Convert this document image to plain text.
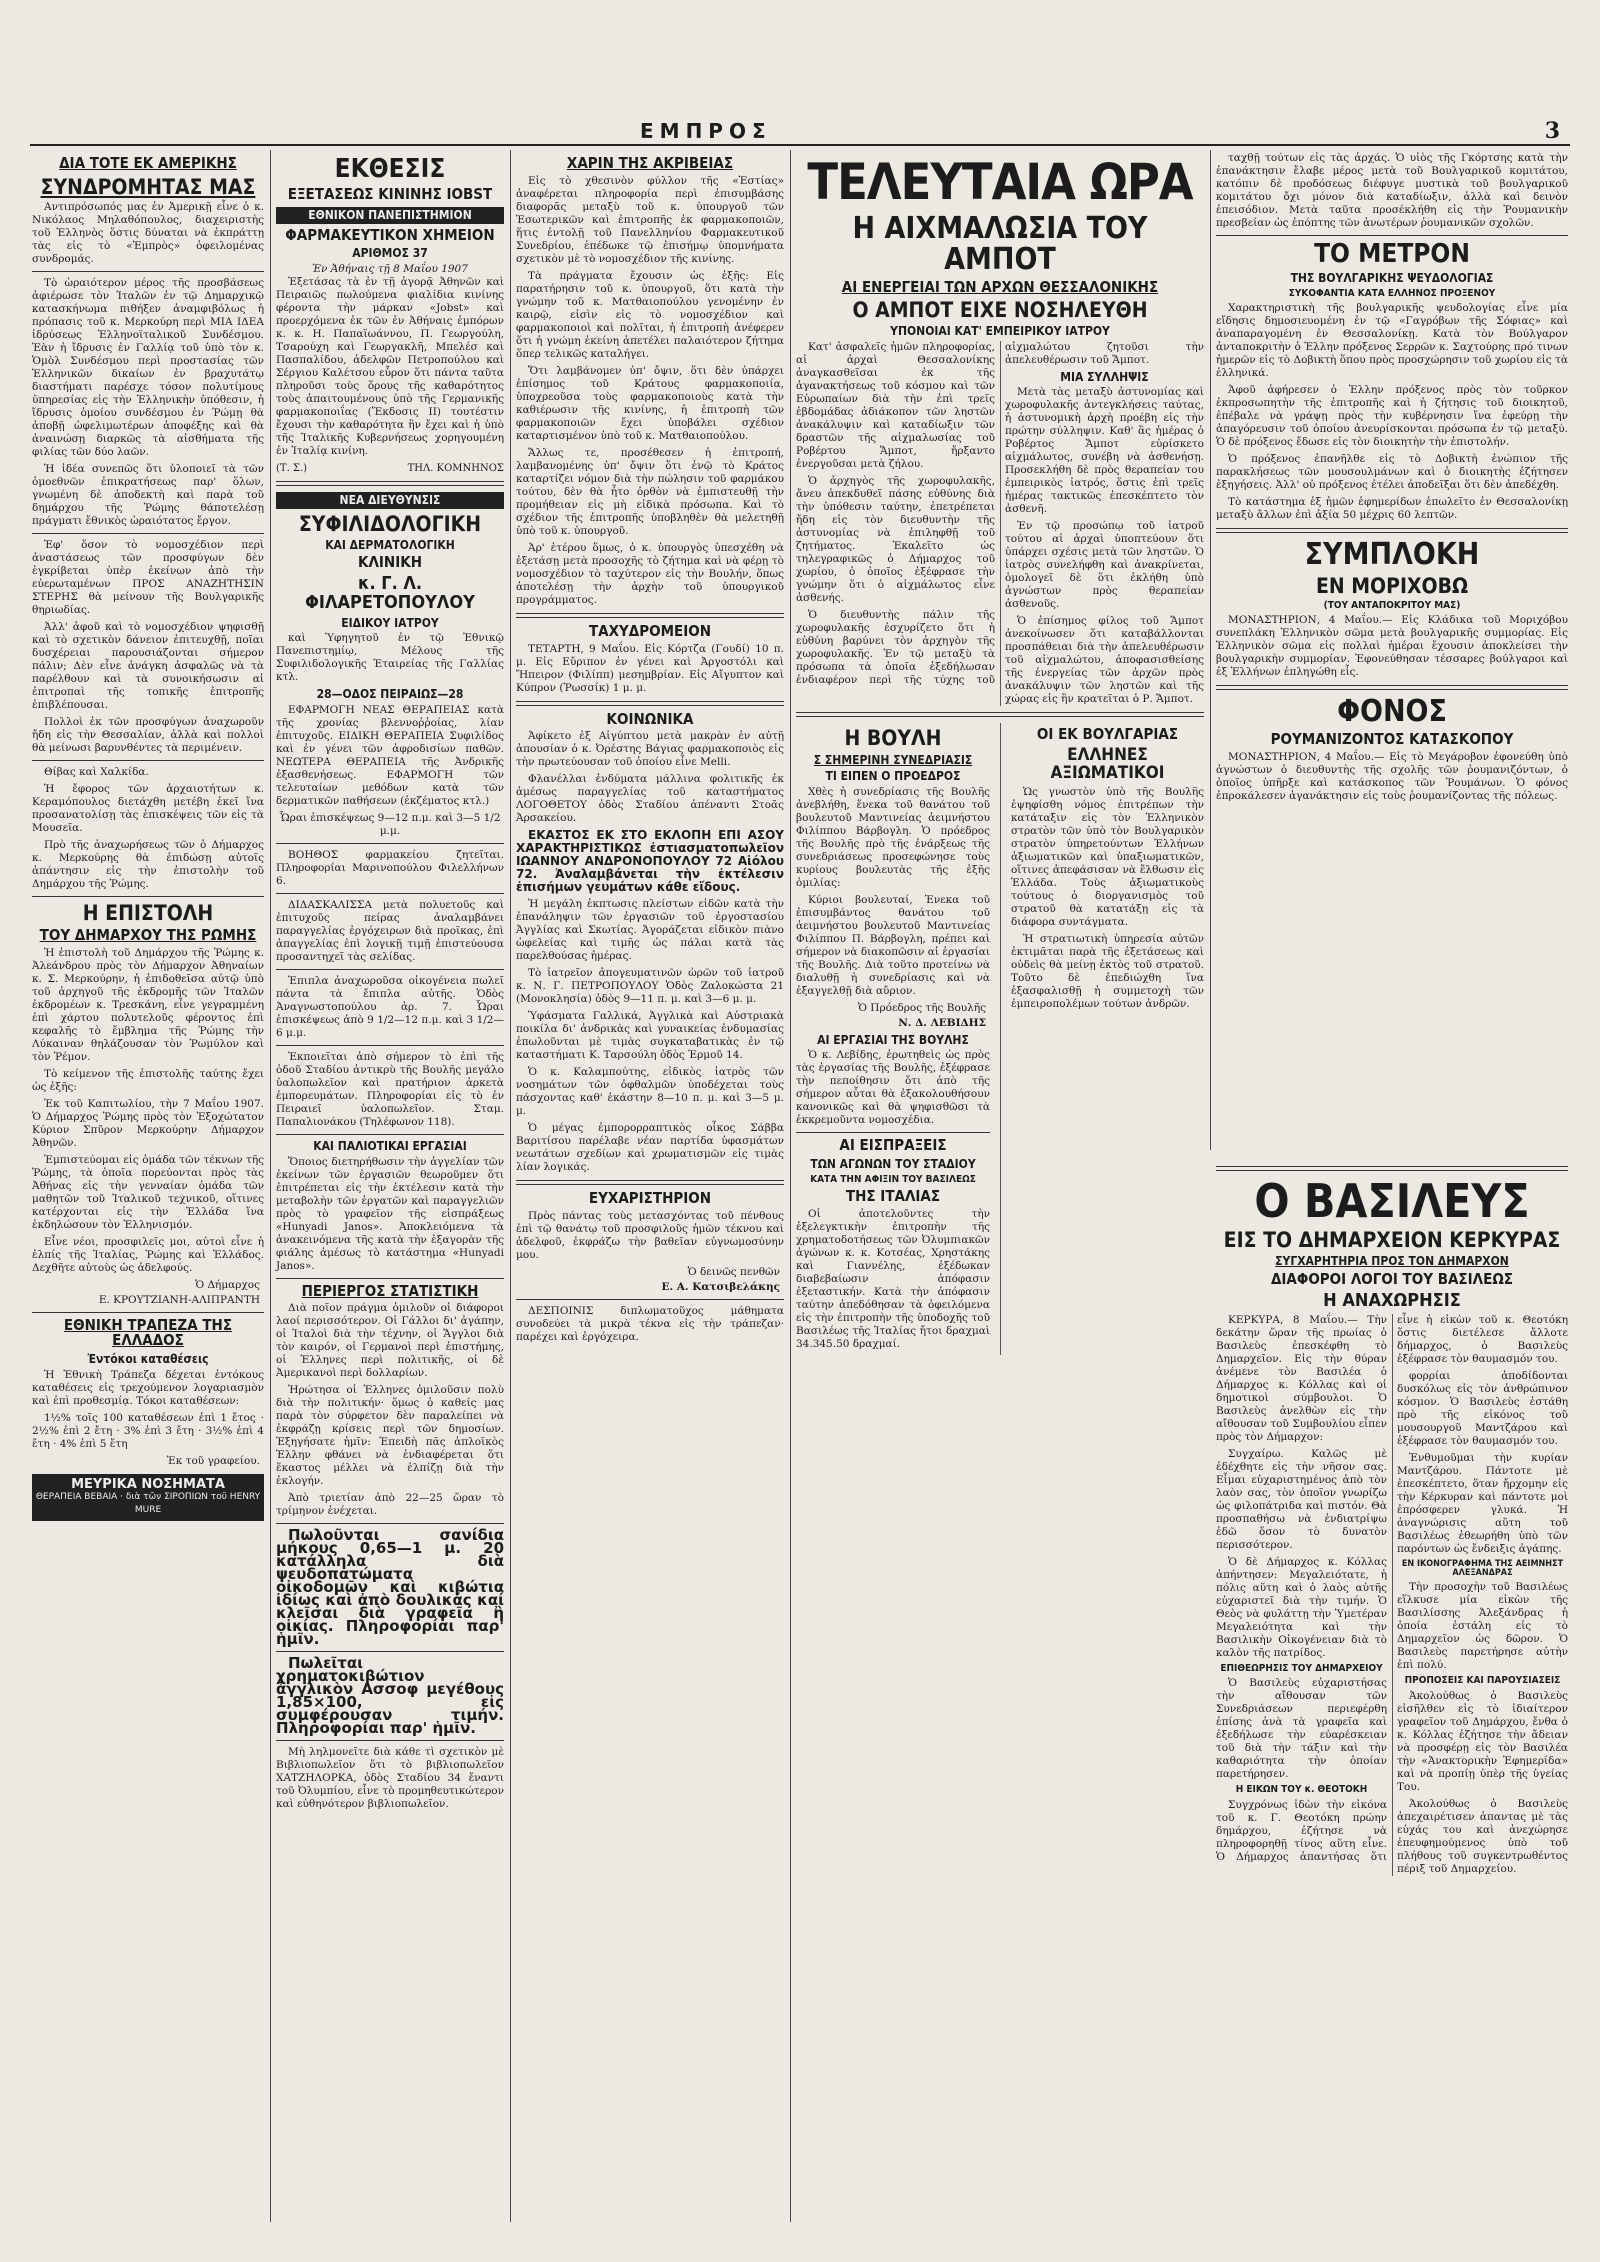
ΕΜΠΡΟΣ	3
ΔΙΑ ΤΟΤΕ ΕΚ ΑΜΕΡΙΚΗΣ
ΣΥΝΔΡΟΜΗΤΑΣ ΜΑΣ

Αντιπρόσωπός μας ἐν Ἀμερικῇ εἶνε ὁ κ. Νικόλαος Μηλαθόπουλος, διαχειριστὴς τοῦ Ἑλληνὸς ὅστις δύναται νὰ ἐκπράττῃ τὰς εἰς τὸ «Ἐμπρὸς» ὀφειλομένας συνδρομάς.

Τὸ ὡραιότερον μέρος τῆς προσβάσεως ἀφιέρωσε τὸν Ἰταλῶν ἐν τῷ Δημαρχικῷ κατασκήνωμα πιθήξεν ἀναμφιβόλως ἡ πρόπασις τοῦ κ. Μερκούρη περὶ ΜΙΑ ΙΔΕΑ ἱδρύσεως Ἑλληνοϊταλικοῦ Συνδέσμου. Ἐὰν ἡ ἴδρυσις ἐν Γαλλίᾳ τοῦ ὑπὸ τὸν κ. Ὁμὸλ Συνδέσμου περὶ προστασίας τῶν Ἑλληνικῶν δικαίων ἐν βραχυτάτῳ διαστήματι παρέσχε τόσον πολυτίμους ὑπηρεσίας εἰς τὴν Ἑλληνικὴν ὑπόθεσιν, ἡ ἴδρυσις ὁμοίου συνδέσμου ἐν Ῥώμῃ θὰ ἀποβῇ ὠφελιμωτέρων ἀποφέξης καὶ θὰ ἀναινώσῃ διαρκῶς τὰ αἰσθήματα τῆς φιλίας τῶν δύο λαῶν.

Ἡ ἰδέα συνεπῶς ὅτι ὑλοποιεῖ τὰ τῶν ὁμοεθνῶν ἐπικρατήσεως παρ' ὅλων, γνωμένη δὲ ἀποδεκτὴ καὶ παρὰ τοῦ δημάρχου τῆς Ῥώμης θάποτελέσῃ πράγματι ἔθνικὸς ὡραιότατος ἔργον.

Ἐφ' ὅσον τὸ νομοσχέδιον περὶ ἀναστάσεως τῶν προσφύγων δὲν ἐγκρίβεται ὑπὲρ ἐκείνων ἀπὸ τὴν εὐερωταμένων ΠΡΟΣ ΑΝΑΖΗΤΗΣΙΝ ΣΤΕΡΗΣ θὰ μείνουν τῆς Βουλγαρικῆς θηριωδίας.

Ἀλλ' ἀφοῦ καὶ τὸ νομοσχέδιον ψηφισθῇ καὶ τὸ σχετικὸν δάνειον ἐπιτευχθῇ, ποῖαι δυσχέρειαι παρουσιάζονται σήμερον πάλιν; Δὲν εἶνε ἀνάγκη ἀσφαλῶς νὰ τὰ παρέλθουν καὶ τὰ συνοικήσωσιν αἱ ἐπιτροπαὶ τῆς τοπικῆς ἐπιτροπῆς ἐπιβλέπουσαι.

Πολλοὶ ἐκ τῶν προσφύγων ἀναχωροῦν ἤδη εἰς τὴν Θεσσαλίαν, ἀλλὰ καὶ πολλοὶ θὰ μείνωσι βαρυνθέντες τὰ περιμένειν.

Θίβας καὶ Χαλκίδα.

Ἡ ἔφορος τῶν ἀρχαιοτήτων κ. Κεραμόπουλος διετάχθη μετέβη ἐκεῖ ἵνα προσανατολίσῃ τὰς ἐπισκέψεις τῶν εἰς τὰ Μουσεῖα.

Πρὸ τῆς ἀναχωρήσεως τῶν ὁ Δήμαρχος κ. Μερκούρης θὰ ἐπιδώσῃ αὐτοῖς ἀπάντησιν εἰς τὴν ἐπιστολὴν τοῦ Δημάρχου τῆς Ῥώμης.

Η ΕΠΙΣΤΟΛΗ
ΤΟΥ ΔΗΜΑΡΧΟΥ ΤΗΣ ΡΩΜΗΣ

Ἡ ἐπιστολὴ τοῦ Δημάρχου τῆς Ῥώμης κ. Ἀλεάνδρου πρὸς τὸν Δήμαρχον Ἀθηναίων κ. Σ. Μερκούρην, ἡ ἐπιδοθεῖσα αὐτῷ ὑπὸ τοῦ ἀρχηγοῦ τῆς ἐκδρομῆς τῶν Ἰταλῶν ἐκδρομέων κ. Τρεσκάνη, εἶνε γεγραμμένη ἐπὶ χάρτου πολυτελοῦς φέροντος ἐπὶ κεφαλῆς τὸ ἔμβλημα τῆς Ῥώμης τὴν Λύκαιναν θηλάζουσαν τὸν Ῥωμύλον καὶ τὸν Ῥέμον.

Τὸ κείμενον τῆς ἐπιστολῆς ταύτης ἔχει ὡς ἑξῆς:

Ἐκ τοῦ Καπιτωλίου, τὴν 7 Μαΐου 1907. Ὁ Δήμαρχος Ῥώμης πρὸς τὸν Ἐξοχώτατον Κύριον Σπῦρον Μερκούρην Δήμαρχον Ἀθηνῶν.

Ἐμπιστεύομαι εἰς ὁμάδα τῶν τέκνων τῆς Ῥώμης, τὰ ὁποῖα πορεύονται πρὸς τὰς Ἀθήνας εἰς τὴν γενναίαν ὁμάδα τῶν μαθητῶν τοῦ Ἰταλικοῦ τεχνικοῦ, οἵτινες κατέρχονται εἰς τὴν Ἑλλάδα ἵνα ἐκδηλώσουν τὸν Ἑλληνισμόν.

Εἶνε νέοι, προσφιλεῖς μοι, αὐτοὶ εἶνε ἡ ἐλπίς τῆς Ἰταλίας, Ῥώμης καὶ Ἑλλάδος. Δεχθῆτε αὐτοὺς ὡς ἀδελφούς.

Ὁ Δήμαρχος
Ε. ΚΡΟΥΤΖΙΑΝΗ-ΑΛΙΠΡΑΝΤΗ
ΕΘΝΙΚΗ ΤΡΑΠΕΖΑ ΤΗΣ ΕΛΛΑΔΟΣ
Ἐντόκοι καταθέσεις

Ἡ Ἐθνικὴ Τράπεζα δέχεται ἐντόκους καταθέσεις εἰς τρεχούμενον λογαριασμὸν καὶ ἐπὶ προθεσμίᾳ. Τόκοι καταθέσεων:

1½% τοῖς 100 καταθέσεων ἐπὶ 1 ἔτος · 2½% ἐπὶ 2 ἔτη · 3% ἐπὶ 3 ἔτη · 3½% ἐπὶ 4 ἔτη · 4% ἐπὶ 5 ἔτη

Ἐκ τοῦ γραφείου.
ΜΕΥΡΙΚΑ ΝΟΣΗΜΑΤΑ
ΘΕΡΑΠΕΙΑ ΒΕΒΑΙΑ · διὰ τῶν ΣΙΡΟΠΙΩΝ τοῦ HENRY MURE
ΕΚΘΕΣΙΣ
ΕΞΕΤΑΣΕΩΣ ΚΙΝΙΝΗΣ ΙOBST
ΕΘΝΙΚΟΝ ΠΑΝΕΠΙΣΤΗΜΙΟΝ
ΦΑΡΜΑΚΕΥΤΙΚΟΝ ΧΗΜΕΙΟΝ
ΑΡΙΘΜΟΣ 37
Ἐν Ἀθήναις τῇ 8 Μαΐου 1907

Ἐξετάσας τὰ ἐν τῇ ἀγορᾷ Ἀθηνῶν καὶ Πειραιῶς πωλούμενα φιαλίδια κινίνης φέροντα τὴν μάρκαν «Jobst» καὶ προερχόμενα ἐκ τῶν ἐν Ἀθήναις ἐμπόρων κ. κ. Η. Παπαϊωάννου, Π. Γεωργούλη, Τσαρούχη καὶ Γεωργακλῆ, Μπελέσ καὶ Πασπαλίδου, ἀδελφῶν Πετροπούλου καὶ Σέργιου Καλέτσου εὗρον ὅτι πάντα ταῦτα πληροῦσι τοὺς ὅρους τῆς καθαρότητος τοὺς ἀπαιτουμένους ὑπὸ τῆς Γερμανικῆς φαρμακοποιΐας (Ἔκδοσις ΙΙ) τουτέστιν ἔχουσι τὴν καθαρότητα ἣν ἔχει καὶ ἡ ὑπὸ τῆς Ἰταλικῆς Κυβερνήσεως χορηγουμένη ἐν Ἰταλίᾳ κινίνη.

(Τ. Σ.)	ΤΗΛ. ΚΟΜΝΗΝΟΣ
ΝΕΑ ΔΙΕΥΘΥΝΣΙΣ
ΣΥΦΙΛΙΔΟΛΟΓΙΚΗ
ΚΑΙ ΔΕΡΜΑΤΟΛΟΓΙΚΗ
ΚΛΙΝΙΚΗ
κ. Γ. Λ. ΦΙΛΑΡΕΤΟΠΟΥΛΟΥ
ΕΙΔΙΚΟΥ ΙΑΤΡΟΥ

καὶ Ὑφηγητοῦ ἐν τῷ Ἐθνικῷ Πανεπιστημίῳ, Μέλους τῆς Συφιλιδολογικῆς Ἑταιρείας τῆς Γαλλίας κτλ.

28—ΟΔΟΣ ΠΕΙΡΑΙΩΣ—28

ΕΦΑΡΜΟΓΗ ΝΕΑΣ ΘΕΡΑΠΕΙΑΣ κατὰ τῆς χρονίας βλεννοῤῥοίας, λίαν ἐπιτυχοῦς. ΕΙΔΙΚΗ ΘΕΡΑΠΕΙΑ Συφιλίδος καὶ ἐν γένει τῶν ἀφροδισίων παθῶν. ΝΕΩΤΕΡΑ ΘΕΡΑΠΕΙΑ τῆς Ἀνδρικῆς ἐξασθενήσεως. ΕΦΑΡΜΟΓΗ τῶν τελευταίων μεθόδων κατὰ τῶν δερματικῶν παθήσεων (ἐκζέματος κτλ.)

Ὧραι ἐπισκέψεως 9—12 π.μ. καὶ 3—5 1/2 μ.μ.

ΒΟΗΘΟΣ φαρμακείου ζητεῖται. Πληροφορίαι Μαρινοπούλου Φιλελλήνων 6.

ΔΙΔΑΣΚΑΛΙΣΣΑ μετὰ πολυετοῦς καὶ ἐπιτυχοῦς πείρας ἀναλαμβάνει παραγγελίας ἐργόχειρων διὰ προῖκας, ἐπὶ ἀπαγγελίας ἐπὶ λογικῇ τιμῇ ἐπιστεύουσα προσαντηχεῖ τὰς σελίδας.

Ἐπιπλα ἀναχωροῦσα οἰκογένεια πωλεῖ πάντα τὰ ἔπιπλα αὐτῆς. Ὁδὸς Ἀναγνωστοπούλου ἀρ. 7. Ὧραι ἐπισκέψεως ἀπὸ 9 1/2—12 π.μ. καὶ 3 1/2—6 μ.μ.

Ἐκποιεῖται ἀπὸ σήμερον τὸ ἐπὶ τῆς ὁδοῦ Σταδίου ἀντικρὺ τῆς Βουλῆς μεγάλο ὑαλοπωλεῖον καὶ πρατήριον ἀρκετὰ ἐμπορευμάτων. Πληροφορίαι εἰς τὸ ἐν Πειραιεῖ ὑαλοπωλεῖον. Σταμ. Παπαλιονάκου (Τηλέφωνον 118).

ΚΑΙ ΠΑΛΙΟΤΙΚΑΙ ΕΡΓΑΣΙΑΙ

Ὅποιος διετηρήθωσιν τὴν ἀγγελίαν τῶν ἐκείνων τῶν ἐργασιῶν θεωροῦμεν ὅτι ἐπιτρέπεται εἰς τὴν ἐκτέλεσιν κατὰ τὴν μεταβολὴν τῶν ἐργατῶν καὶ παραγγελιῶν πρὸς τὸ γραφεῖον τῆς εἰσπράξεως «Hunyadi Janos». Ἀποκλειόμενα τὰ ἀνακεινόμενα τῆς κατὰ τὴν ἐξαγορὰν τῆς φιάλης ἀμέσως τὸ κατάστημα «Hunyadi Janos».

ΠΕΡΙΕΡΓΟΣ ΣΤΑΤΙΣΤΙΚΗ

Διὰ ποῖον πράγμα ὁμιλοῦν οἱ διάφοροι λαοί περισσότερον. Οἱ Γάλλοι δι' ἀγάπην, οἱ Ἰταλοὶ διὰ τὴν τέχνην, οἱ Ἄγγλοι διὰ τὸν καιρόν, οἱ Γερμανοὶ περὶ ἐπιστήμης, οἱ Ἑλληνες περὶ πολιτικῆς, οἱ δὲ Ἀμερικανοὶ περὶ δολλαρίων.

Ἠρώτησα οἱ Ἑλληνες ὁμιλοῦσιν πολὺ διὰ τὴν πολιτικήν· ὅμως ὁ καθείς μας παρὰ τὸν σύρφετον δὲν παραλείπει νὰ ἐκφράζῃ κρίσεις περὶ τῶν δημοσίων. Ἐξηγήσατε ἡμῖν: Ἐπειδὴ πᾶς ἀπλοϊκὸς Ἑλλην φθάνει νὰ ἐνδιαφέρεται ὅτι ἕκαστος μέλλει νὰ ἐλπίζῃ διὰ τὴν ἐκλογήν.

Ἀπὸ τριετίαν ἀπὸ 22—25 ὥραν τὸ τρίμηνον ἐνέχεται.

Πωλοῦνται σανίδια μήκους 0,65—1 μ. 20 κατάλληλα διὰ ψευδοπατώματα οἰκοδομῶν καὶ κιβώτια ἰδίως καὶ ἀπὸ δουλικάς καί κλεῖσαι διὰ γραφεῖα ἢ οἰκίας. Πληροφορίαι παρ' ἡμῖν.

Πωλεῖται χρηματοκιβώτιον ἀγγλικὸν Ασσοφ μεγέθους 1,85×100, εἰς συμφέρουσαν τιμήν. Πληροφορίαι παρ' ἡμῖν.

Μὴ ληλμονεῖτε διὰ κάθε τὶ σχετικὸν μὲ Βιβλιοπωλεῖον ὅτι τὸ βιβλιοπωλεῖον ΧΑΤΖΗΛΟΡΚΑ, ὁδὸς Σταδίου 34 ἔναντι τοῦ Ὀλυμπίου, εἶνε τὸ προμηθευτικώτερον καὶ εὐθηνότερον βιβλιοπωλεῖον.

ΧΑΡΙΝ ΤΗΣ ΑΚΡΙΒΕΙΑΣ

Εἰς τὸ χθεσινὸν φύλλον τῆς «Ἑστίας» ἀναφέρεται πληροφορία περὶ ἐπισυμβάσης διαφορᾶς μεταξὺ τοῦ κ. ὑπουργοῦ τῶν Ἐσωτερικῶν καὶ ἐπιτροπῆς ἐκ φαρμακοποιῶν, ἥτις ἐντολῇ τοῦ Πανελληνίου Φαρμακευτικοῦ Συνεδρίου, ἐπέδωκε τῷ ἐπισήμῳ ὑπομνήματα σχετικὸν μὲ τὸ νομοσχέδιον τῆς κινίνης.

Τὰ πράγματα ἔχουσιν ὡς ἑξῆς: Εἰς παρατήρησιν τοῦ κ. ὑπουργοῦ, ὅτι κατὰ τὴν γνώμην τοῦ κ. Ματθαιοπούλου γενομένην ἐν καιρῷ, εἰσὶν εἰς τὸ νομοσχέδιον καὶ φαρμακοποιοὶ καὶ πολῖται, ἡ ἐπιτροπὴ ἀνέφερεν ὅτι ἡ γνώμη ἐκείνη ἀπετέλει παλαιότερον ζήτημα ὅπερ τελικῶς καταλήγει.

Ὅτι λαμβάνομεν ὑπ' ὄψιν, ὅτι δὲν ὑπάρχει ἐπίσημος τοῦ Κράτους φαρμακοποιία, ὑποχρεοῦσα τοὺς φαρμακοποιοὺς κατὰ τὴν καθιέρωσιν τῆς κινίνης, ἡ ἐπιτροπὴ τῶν φαρμακοποιῶν ἔχει ὑποβάλει σχέδιον καταρτισμένον ὑπὸ τοῦ κ. Ματθαιοπούλου.

Ἄλλως τε, προσέθεσεν ἡ ἐπιτροπή, λαμβανομένης ὑπ' ὄψιν ὅτι ἐνῷ τὸ Κράτος καταρτίζει νόμον διὰ τὴν πώλησιν τοῦ φαρμάκου τούτου, δὲν θὰ ἦτο ὀρθὸν νὰ ἐμπιστευθῇ τὴν προμήθειαν εἰς μὴ εἰδικὰ πρόσωπα. Καὶ τὸ σχέδιον τῆς ἐπιτροπῆς ὑποβληθὲν θὰ μελετηθῇ ὑπὸ τοῦ κ. ὑπουργοῦ.

Ἀρ' ἑτέρου ὅμως, ὁ κ. ὑπουργὸς ὑπεσχέθη νὰ ἐξετάσῃ μετὰ προσοχῆς τὸ ζήτημα καὶ νὰ φέρῃ τὸ νομοσχέδιον τὸ ταχύτερον εἰς τὴν Βουλήν, ὅπως ἀποτελέσῃ τὴν ἀρχὴν τοῦ ὑπουργικοῦ προγράμματος.

ΤΑΧΥΔΡΟΜΕΙΟΝ

ΤΕΤΑΡΤΗ, 9 Μαΐου. Εἰς Κόρτζα (Γουδί) 10 π. μ. Εἰς Εὔριπον ἐν γένει καὶ Ἀργοστόλι καὶ Ἤπειρον (Φιλίππ) μεσημβρίαν. Εἰς Αἴγυπτον καὶ Κύπρον (Ῥωσσίκ) 1 μ. μ.

ΚΟΙΝΩΝΙΚΑ

Ἀφίκετο ἐξ Αἰγύπτου μετὰ μακρὰν ἐν αὐτῇ ἀπουσίαν ὁ κ. Ὀρέστης Βάγιας φαρμακοποιὸς εἰς τὴν πρωτεύουσαν τοῦ ὁποίου εἶνε Μelli.

Φλανέλλαι ἐνδύματα μάλλινα φολιτικῆς ἐκ ἀμέσως παραγγελίας τοῦ καταστήματος ΛΟΓΟΘΕΤΟΥ ὁδὸς Σταδίου ἀπέναντι Στοᾶς Ἀρσακείου.

ΕΚΑΣΤΟΣ ΕΚ ΣΤΟ ΕΚΛΟΠΗ ΕΠΙ ΑΣΟΥ ΧΑΡΑΚΤΗΡΙΣΤΙΚΩΣ ἐστιασματοπωλεῖον ΙΩΑΝΝΟΥ ΑΝΔΡΟΝΟΠΟΥΛΟΥ 72 Αἰόλου 72. Ἀναλαμβάνεται τὴν ἐκτέλεσιν ἐπισήμων γευμάτων κάθε εἴδους.

Ἡ μεγάλη ἐκπτωσις πλείστων εἰδῶν κατὰ τὴν ἐπανάληψιν τῶν ἐργασιῶν τοῦ ἐργοστασίου Ἀγγλίας καὶ Σκωτίας. Ἀγοράζεται εἰδικὸν πιὰνο ὠφελείας καὶ τιμῆς ὡς πάλαι κατὰ τὰς παρελθούσας ἡμέρας.

Τὸ ἰατρεῖον ἀπογευματινῶν ὡρῶν τοῦ ἰατροῦ κ. Ν. Γ. ΠΕΤΡΟΠΟΥΛΟΥ Ὁδὸς Ζαλοκώστα 21 (Μονοκλησία) ὁδὸς 9—11 π. μ. καὶ 3—6 μ. μ.

Ὑφάσματα Γαλλικά, Ἀγγλικὰ καὶ Αὐστριακὰ ποικίλα δι' ἀνδρικὰς καὶ γυναικείας ἐνδυμασίας ἐπωλοῦνται μὲ τιμὰς συγκαταβατικὰς ἐν τῷ καταστήματι Κ. Ταρσούλη ὁδὸς Ἐρμοῦ 14.

Ὁ κ. Καλαμπούτης, εἰδικὸς ἰατρὸς τῶν νοσημάτων τῶν ὀφθαλμῶν ὑποδέχεται τοὺς πάσχοντας καθ' ἑκάστην 8—10 π. μ. καὶ 3—5 μ. μ.

Ὁ μέγας ἐμπορορραπτικὸς οἶκος Σάββα Βαριτίσου παρέλαβε νέαν παρτίδα ὑφασμάτων νεωτάτων σχεδίων καὶ χρωματισμῶν εἰς τιμὰς λίαν λογικάς.

ΕΥΧΑΡΙΣΤΗΡΙΟΝ

Πρὸς πάντας τοὺς μετασχόντας τοῦ πένθους ἐπὶ τῷ θανάτῳ τοῦ προσφιλοῦς ἡμῶν τέκνου καὶ ἀδελφοῦ, ἐκφράζω τὴν βαθεῖαν εὐγνωμοσύνην μου.

Ὁ δεινῶς πενθῶν
Ε. Α. Κατσιβελάκης

ΔΕΣΠΟΙΝΙΣ διπλωματοῦχος μάθηματα συνοδεύει τὰ μικρὰ τέκνα εἰς τὴν τράπεζαν· παρέχει καὶ ἐργόχειρα.

ΤΕΛΕΥΤΑΙΑ ΩΡΑ
Η ΑΙΧΜΑΛΩΣΙΑ ΤΟΥ ΑΜΠΟΤ
ΑΙ ΕΝΕΡΓΕΙΑΙ ΤΩΝ ΑΡΧΩΝ ΘΕΣΣΑΛΟΝΙΚΗΣ
Ο ΑΜΠΟΤ ΕΙΧΕ ΝΟΣΗΛΕΥΘΗ
ΥΠΟΝΟΙΑΙ ΚΑΤ' ΕΜΠΕΙΡΙΚΟΥ ΙΑΤΡΟΥ

Κατ' ἀσφαλεῖς ἡμῶν πληροφορίας, αἱ ἀρχαὶ Θεσσαλονίκης ἀναγκασθεῖσαι ἐκ τῆς ἀγανακτήσεως τοῦ κόσμου καὶ τῶν Εὐρωπαίων διὰ τὴν ἐπὶ τρεῖς ἑβδομάδας ἀδιάκοπον τῶν ληστῶν ἀνακάλυψιν καὶ καταδίωξιν τῶν δραστῶν τῆς αἰχμαλωσίας τοῦ Ροβέρτου Ἄμποτ, ἤρξαντο ἐνεργοῦσαι μετὰ ζήλου.

Ὁ ἀρχηγὸς τῆς χωροφυλακῆς, ἄνευ ἀπεκδυθεῖ πάσης εὐθύνης διὰ τὴν ὑπόθεσιν ταύτην, ἐπετρέπεται ἤδη εἰς τὸν διευθυντὴν τῆς ἀστυνομίας νὰ ἐπιληφθῇ τοῦ ζητήματος. Ἐκαλεῖτο ὡς τηλεγραφικῶς ὁ Δήμαρχος τοῦ χωρίου, ὁ ὁποῖος ἐξέφρασε τὴν γνώμην ὅτι ὁ αἰχμάλωτος εἶνε ἀσθενής.

Ὁ διευθυντὴς πάλιν τῆς χωροφυλακῆς ἐσχυρίζετο ὅτι ἡ εὐθύνη βαρύνει τὸν ἀρχηγὸν τῆς χωροφυλακῆς. Ἐν τῷ μεταξὺ τὰ πρόσωπα τὰ ὁποῖα ἐξεδήλωσαν ἐνδιαφέρον περὶ τῆς τύχης τοῦ αἰχμαλώτου ζητοῦσι τὴν ἀπελευθέρωσιν τοῦ Ἄμποτ.

ΜΙΑ ΣΥΛΛΗΨΙΣ

Μετὰ τὰς μεταξὺ ἀστυνομίας καὶ χωροφυλακῆς ἀντεγκλήσεις ταύτας, ἡ ἀστυνομικὴ ἀρχὴ προέβη εἰς τὴν πρώτην σύλληψιν. Καθ' ἃς ἡμέρας ὁ Ροβέρτος Ἄμποτ εὑρίσκετο αἰχμάλωτος, συνέβη νὰ ἀσθενήσῃ. Προσεκλήθη δὲ πρὸς θεραπείαν του ἐμπειρικὸς ἰατρός, ὅστις ἐπὶ τρεῖς ἡμέρας τακτικῶς ἐπεσκέπτετο τὸν ἀσθενῆ.

Ἐν τῷ προσώπῳ τοῦ ἰατροῦ τούτου αἱ ἀρχαὶ ὑποπτεύουν ὅτι ὑπάρχει σχέσις μετὰ τῶν ληστῶν. Ὁ ἰατρὸς συνελήφθη καὶ ἀνακρίνεται, ὁμολογεῖ δὲ ὅτι ἐκλήθη ὑπὸ ἀγνώστων πρὸς θεραπείαν ἀσθενοῦς.

Ὁ ἐπίσημος φίλος τοῦ Ἄμποτ ἀνεκοίνωσεν ὅτι καταβάλλονται προσπάθειαι διὰ τὴν ἀπελευθέρωσιν τοῦ αἰχμαλώτου, ἀποφασισθείσης τῆς ἐνεργείας τῶν ἀρχῶν πρὸς ἀνακάλυψιν τῶν ληστῶν καὶ τῆς χώρας εἰς ἣν κρατεῖται ὁ Ρ. Ἄμποτ.

Η ΒΟΥΛΗ
Σ ΣΗΜΕΡΙΝΗ ΣΥΝΕΔΡΙΑΣΙΣ
ΤΙ ΕΙΠΕΝ Ο ΠΡΟΕΔΡΟΣ

Χθὲς ἡ συνεδρίασις τῆς Βουλῆς ἀνεβλήθη, ἕνεκα τοῦ θανάτου τοῦ βουλευτοῦ Μαντινείας ἀειμνήστου Φιλίππου Βάρβογλη. Ὁ πρόεδρος τῆς Βουλῆς πρὸ τῆς ἐνάρξεως τῆς συνεδριάσεως προσεφώνησε τοὺς κυρίους βουλευτὰς τῆς ἑξῆς ὁμιλίας:

Κύριοι βουλευταί, Ἐνεκα τοῦ ἐπισυμβάντος θανάτου τοῦ ἀειμνήστου βουλευτοῦ Μαντινείας Φιλίππου Π. Βάρβογλη, πρέπει καὶ σήμερον νὰ διακοπῶσιν αἱ ἐργασίαι τῆς Βουλῆς. Διὰ τοῦτο προτείνω νὰ διαλυθῇ ἡ συνεδρίασις καὶ νὰ ἐξαγγελθῇ διὰ αὔριον.

Ὁ Πρόεδρος τῆς Βουλῆς
Ν. Δ. ΛΕΒΙΔΗΣ
ΑΙ ΕΡΓΑΣΙΑΙ ΤΗΣ ΒΟΥΛΗΣ

Ὁ κ. Λεβίδης, ἐρωτηθεὶς ὡς πρὸς τὰς ἐργασίας τῆς Βουλῆς, ἐξέφρασε τὴν πεποίθησιν ὅτι ἀπὸ τῆς σήμερον αὗται θὰ ἐξακολουθήσουν κανονικῶς καὶ θὰ ψηφισθῶσι τὰ ἐκκρεμοῦντα νομοσχέδια.

ΑΙ ΕΙΣΠΡΑΞΕΙΣ
ΤΩΝ ΑΓΩΝΩΝ ΤΟΥ ΣΤΑΔΙΟΥ
ΚΑΤΑ ΤΗΝ ΑΦΙΞΙΝ ΤΟΥ ΒΑΣΙΛΕΩΣ
ΤΗΣ ΙΤΑΛΙΑΣ

Οἱ ἀποτελοῦντες τὴν ἐξελεγκτικὴν ἐπιτροπὴν τῆς χρηματοδοτήσεως τῶν Ὀλυμπιακῶν ἀγώνων κ. κ. Κοτσέας, Χρηστάκης καὶ Γιαννέλης, ἐξέδωκαν διαβεβαίωσιν ἀπόφασιν ἐξεταστικήν. Κατὰ τὴν ἀπόφασιν ταύτην ἀπεδόθησαν τὰ ὀφειλόμενα εἰς τὴν ἐπιτροπὴν τῆς ὑποδοχῆς τοῦ Βασιλέως τῆς Ἰταλίας ἤτοι δραχμαὶ 34.345.50 δραχμαί.

ΟΙ ΕΚ ΒΟΥΛΓΑΡΙΑΣ
ΕΛΛΗΝΕΣ ΑΞΙΩΜΑΤΙΚΟΙ

Ὡς γνωστὸν ὑπὸ τῆς Βουλῆς ἐψηφίσθη νόμος ἐπιτρέπων τὴν κατάταξιν εἰς τὸν Ἑλληνικὸν στρατὸν τῶν ὑπὸ τὸν Βουλγαρικὸν στρατὸν ὑπηρετούντων Ἑλλήνων ἀξιωματικῶν καὶ ὑπαξιωματικῶν, οἵτινες ἀπεφάσισαν νὰ ἔλθωσιν εἰς Ἑλλάδα. Τοὺς ἀξιωματικοὺς τούτους ὁ διοργανισμὸς τοῦ στρατοῦ θὰ κατατάξῃ εἰς τὰ διάφορα συντάγματα.

Ἡ στρατιωτικὴ ὑπηρεσία αὐτῶν ἐκτιμᾶται παρὰ τῆς ἐξετάσεως καὶ οὐδεὶς θὰ μείνῃ ἐκτὸς τοῦ στρατοῦ. Τοῦτο δὲ ἐπεδιώχθη ἵνα ἐξασφαλισθῇ ἡ συμμετοχὴ τῶν ἐμπειροπολέμων τούτων ἀνδρῶν.

ταχθῇ τούτων εἰς τὰς ἀρχάς. Ὁ υἱὸς τῆς Γκόρτσης κατὰ τὴν ἐπανάκτησιν ἔλαβε μέρος μετὰ τοῦ Βουλγαρικοῦ κομιτάτου, κατόπιν δὲ προδόσεως διέφυγε μυστικὰ τοῦ βουλγαρικοῦ κομιτάτου ὄχι μόνον διὰ καταδίωξιν, ἀλλὰ καὶ δεινὸν ἐπεισόδιον. Μετὰ ταῦτα προσέκλήθη εἰς τὴν Ῥουμανικὴν πρεσβείαν ὡς ἐπόπτης τῶν ἀνωτέρων ῥουμανικῶν σχολῶν.

ΤΟ ΜΕΤΡΟΝ
ΤΗΣ ΒΟΥΛΓΑΡΙΚΗΣ ΨΕΥΔΟΛΟΓΙΑΣ
ΣΥΚΟΦΑΝΤΙΑ ΚΑΤΑ ΕΛΛΗΝΟΣ ΠΡΟΞΕΝΟΥ

Χαρακτηριστικὴ τῆς βουλγαρικῆς ψευδολογίας εἶνε μία εἴδησις δημοσιευομένη ἐν τῷ «Γαγρόβων τῆς Σόφιας» καὶ ἀναπαραγομένη ἐν Θεσσαλονίκῃ. Κατὰ τὸν Βούλγαρον ἀνταποκριτὴν ὁ Ἑλλην πρόξενος Σερρῶν κ. Σαχτούρης πρό τινων ἡμερῶν εἰς τὸ Δοβικτὴ ὅπου πρὸς προσχώρησιν τοῦ χωρίου εἰς τὰ ἑλληνικά.

Ἀφοῦ ἀφήρεσεν ὁ Ἑλλην πρόξενος πρὸς τὸν τοῦρκον ἐκπροσωπητὴν τῆς ἐπιτροπῆς καὶ ἡ ζήτησις τοῦ διοικητοῦ, ἐπέβαλε νὰ γράψῃ πρὸς τὴν κυβέρνησιν ἵνα ἐφεύρῃ τὴν ἀπαγόρευσιν τοῦ ὁποίου ἀνευρίσκονται πρόσωπα ἐν τῷ μεταξύ. Ὁ δὲ πρόξενος ἔδωσε εἰς τὸν διοικητὴν τὴν ἐπιστολήν.

Ὁ πρόξενος ἐπανῆλθε εἰς τὸ Δοβικτὴ ἐνώπιον τῆς παρακλήσεως τῶν μουσουλμάνων καὶ ὁ διοικητὴς ἐζήτησεν ἐξηγήσεις. Ἀλλ' οὐ πρόξενος ἐτέλει ἀποδεῖξαι ὅτι δὲν ἀπεδέχθη.

Τὸ κατάστημα ἐξ ἡμῶν ἐφημερίδων ἐπωλεῖτο ἐν Θεσσαλονίκῃ μεταξὺ ἄλλων ἐπὶ ἀξία 50 μέχρις 60 λεπτῶν.

ΣΥΜΠΛΟΚΗ
ΕΝ ΜΟΡΙΧΟΒΩ
(ΤΟΥ ΑΝΤΑΠΟΚΡΙΤΟΥ ΜΑΣ)

ΜΟΝΑΣΤΗΡΙΟΝ, 4 Μαΐου.— Εἰς Κλάδικα τοῦ Μοριχόβου συνεπλάκη Ἑλληνικὸν σῶμα μετὰ βουλγαρικῆς συμμορίας. Εἰς Ἑλληνικὸν σῶμα εἰς πολλαὶ ἡμέραι ἔχουσιν ἀποκλείσει τὴν βουλγαρικὴν συμμορίαν. Ἐφονεύθησαν τέσσαρες βούλγαροι καὶ ἐξ Ἑλλήνων ἐπληγώθη εἷς.

ΦΟΝΟΣ
ΡΟΥΜΑΝΙΖΟΝΤΟΣ ΚΑΤΑΣΚΟΠΟΥ

ΜΟΝΑΣΤΗΡΙΟΝ, 4 Μαΐου.— Εἰς τὸ Μεγάροβον ἐφονεύθη ὑπὸ ἀγνώστων ὁ διευθυντὴς τῆς σχολῆς τῶν ῥουμανιζόντων, ὁ ὁποῖος ὑπῆρξε καὶ κατάσκοπος τῶν Ῥουμάνων. Ὁ φόνος ἐπροκάλεσεν ἀγανάκτησιν εἰς τοὺς ῥουμανίζοντας τῆς πόλεως.

Ο ΒΑΣΙΛΕΥΣ
ΕΙΣ ΤΟ ΔΗΜΑΡΧΕΙΟΝ ΚΕΡΚΥΡΑΣ
ΣΥΓΧΑΡΗΤΗΡΙΑ ΠΡΟΣ ΤΟΝ ΔΗΜΑΡΧΟΝ
ΔΙΑΦΟΡΟΙ ΛΟΓΟΙ ΤΟΥ ΒΑΣΙΛΕΩΣ
Η ΑΝΑΧΩΡΗΣΙΣ

ΚΕΡΚΥΡΑ, 8 Μαΐου.— Τὴν δεκάτην ὥραν τῆς πρωίας ὁ Βασιλεὺς ἐπεσκέφθη τὸ Δημαρχεῖον. Εἰς τὴν θύραν ἀνέμενε τὸν Βασιλέα ὁ Δήμαρχος κ. Κόλλας καὶ οἱ δημοτικοὶ σύμβουλοι. Ὁ Βασιλεὺς ἀνελθὼν εἰς τὴν αἴθουσαν τοῦ Συμβουλίου εἶπεν πρὸς τὸν Δήμαρχον:

Συγχαίρω. Καλῶς μὲ ἐδέχθητε εἰς τὴν νῆσον σας. Εἶμαι εὐχαριστημένος ἀπὸ τὸν λαὸν σας, τὸν ὁποῖον γνωρίζω ὡς φιλοπάτριδα καὶ πιστόν. Θὰ προσπαθήσω νὰ ἐνδιατρίψω ἐδῶ ὅσον τὸ δυνατὸν περισσότερον.

Ὁ δὲ Δήμαρχος κ. Κόλλας ἀπήντησεν: Μεγαλειότατε, ἡ πόλις αὕτη καὶ ὁ λαὸς αὐτῆς εὐχαριστεῖ διὰ τὴν τιμήν. Ὁ Θεὸς νὰ φυλάττῃ τὴν Ὑμετέραν Μεγαλειότητα καὶ τὴν Βασιλικὴν Οἰκογένειαν διὰ τὸ καλὸν τῆς πατρίδος.

ΕΠΙΘΕΩΡΗΣΙΣ ΤΟΥ ΔΗΜΑΡΧΕΙΟΥ

Ὁ Βασιλεὺς εὐχαριστήσας τὴν αἴθουσαν τῶν Συνεδριάσεων περιεφέρθη ἐπίσης ἀνὰ τὰ γραφεῖα καὶ ἐξεδήλωσε τὴν εὐαρέσκειαν τοῦ διὰ τὴν τάξιν καὶ τὴν καθαριότητα τὴν ὁποίαν παρετήρησεν.

Η ΕΙΚΩΝ ΤΟΥ κ. ΘΕΟΤΟΚΗ

Συγχρόνως ἰδὼν τὴν εἰκόνα τοῦ κ. Γ. Θεοτόκη πρώην δημάρχου, ἐζήτησε νὰ πληροφορηθῇ τίνος αὕτη εἶνε. Ὁ Δήμαρχος ἀπαντήσας ὅτι εἶνε ἡ εἰκὼν τοῦ κ. Θεοτόκη ὅστις διετέλεσε ἄλλοτε δήμαρχος, ὁ Βασιλεὺς ἐξέφρασε τὸν θαυμασμόν του.

φορρίαι ἀποδίδονται δυσκόλως εἰς τὸν ἀνθρώπινον κόσμον. Ὁ Βασιλεὺς ἐστάθη πρὸ τῆς εἰκόνος τοῦ μουσουργοῦ Μαντζάρου καὶ ἐξέφρασε τὸν θαυμασμόν του.

Ἐνθυμοῦμαι τὴν κυρίαν Μαντζάρου. Πάντοτε μὲ ἐπεσκέπτετο, ὅταν ἤρχομην εἰς τὴν Κέρκυραν καὶ πάντοτε μοὶ ἐπρόσφερεν γλυκά. Ἡ ἀναγνώρισις αὕτη τοῦ Βασιλέως ἐθεωρήθη ὑπὸ τῶν παρόντων ὡς ἔνδειξις ἀγάπης.

ΕΝ ΙΚΟΝΟΓΡΑΦΗΜΑ ΤΗΣ ΑΕΙΜΝΗΣΤ ΑΛΕΞΑΝΔΡΑΣ

Τὴν προσοχὴν τοῦ Βασιλέως εἵλκυσε μία εἰκὼν τῆς Βασιλίσσης Ἀλεξάνδρας ἡ ὁποία ἐστάλη εἰς τὸ Δημαρχεῖον ὡς δῶρον. Ὁ Βασιλεὺς παρετήρησε αὐτὴν ἐπὶ πολύ.

ΠΡΟΠΟΣΕΙΣ ΚΑΙ ΠΑΡΟΥΣΙΑΣΕΙΣ

Ἀκολούθως ὁ Βασιλεὺς εἰσῆλθεν εἰς τὸ ἰδιαίτερον γραφεῖον τοῦ Δημάρχου, ἔνθα ὁ κ. Κόλλας ἐζήτησε τὴν ἄδειαν νὰ προσφέρῃ εἰς τὸν Βασιλέα τὴν «Ἀνακτορικὴν Ἐφημερίδα» καὶ νὰ προπίῃ ὑπὲρ τῆς ὑγείας Του.

Ἀκολούθως ὁ Βασιλεὺς ἀπεχαιρέτισεν ἀπαντας μὲ τὰς εὐχάς του καὶ ἀνεχώρησε ἐπευφημούμενος ὑπὸ τοῦ πλήθους τοῦ συγκεντρωθέντος πέριξ τοῦ Δημαρχείου.
